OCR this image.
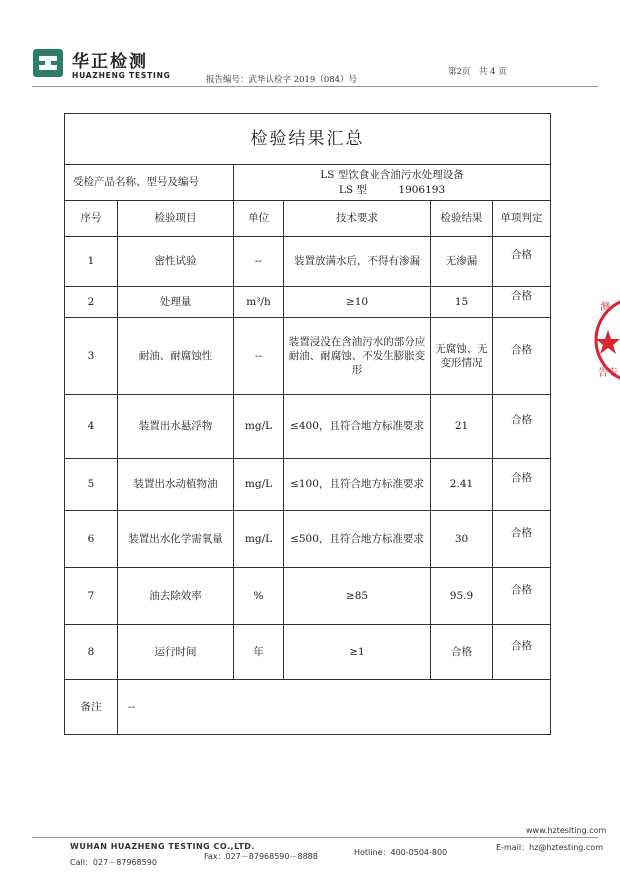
华正检测
HUAZHENG TESTING	报告编号：武华认检字 2019（084）号
第2页　共 4 页
检验结果汇总					
受检产品名称、型号及编号		LS 型饮食业含油污水处理设备
LS 型　　　1906193			

序号	检验项目	单位	技术要求	检验结果	单项判定
1	密性试验	--	装置放满水后，不得有渗漏	无渗漏	合格
2	处理量	m³/h	≥10	15	合格
3	耐油、耐腐蚀性	--	装置浸没在含油污水的部分应耐油、耐腐蚀、不发生膨胀变形	无腐蚀、无变形情况	合格
4	装置出水悬浮物	mg/L	≤400，且符合地方标准要求	21	合格
5	装置出水动植物油	mg/L	≤100，且符合地方标准要求	2.41	合格
6	装置出水化学需氧量	mg/L	≤500，且符合地方标准要求	30	合格
7	油去除效率	%	≥85	95.9	合格
8	运行时间	年	≥1	合格	合格
备注	--				
测
告专
www.hzteslting.com
WUHAN HUAZHENG TESTING CO.,LTD.	E-mail：hz@hztesting.com
Hotline：400-0504-800
Fax：027－87968590－8888
Call：027－87968590
